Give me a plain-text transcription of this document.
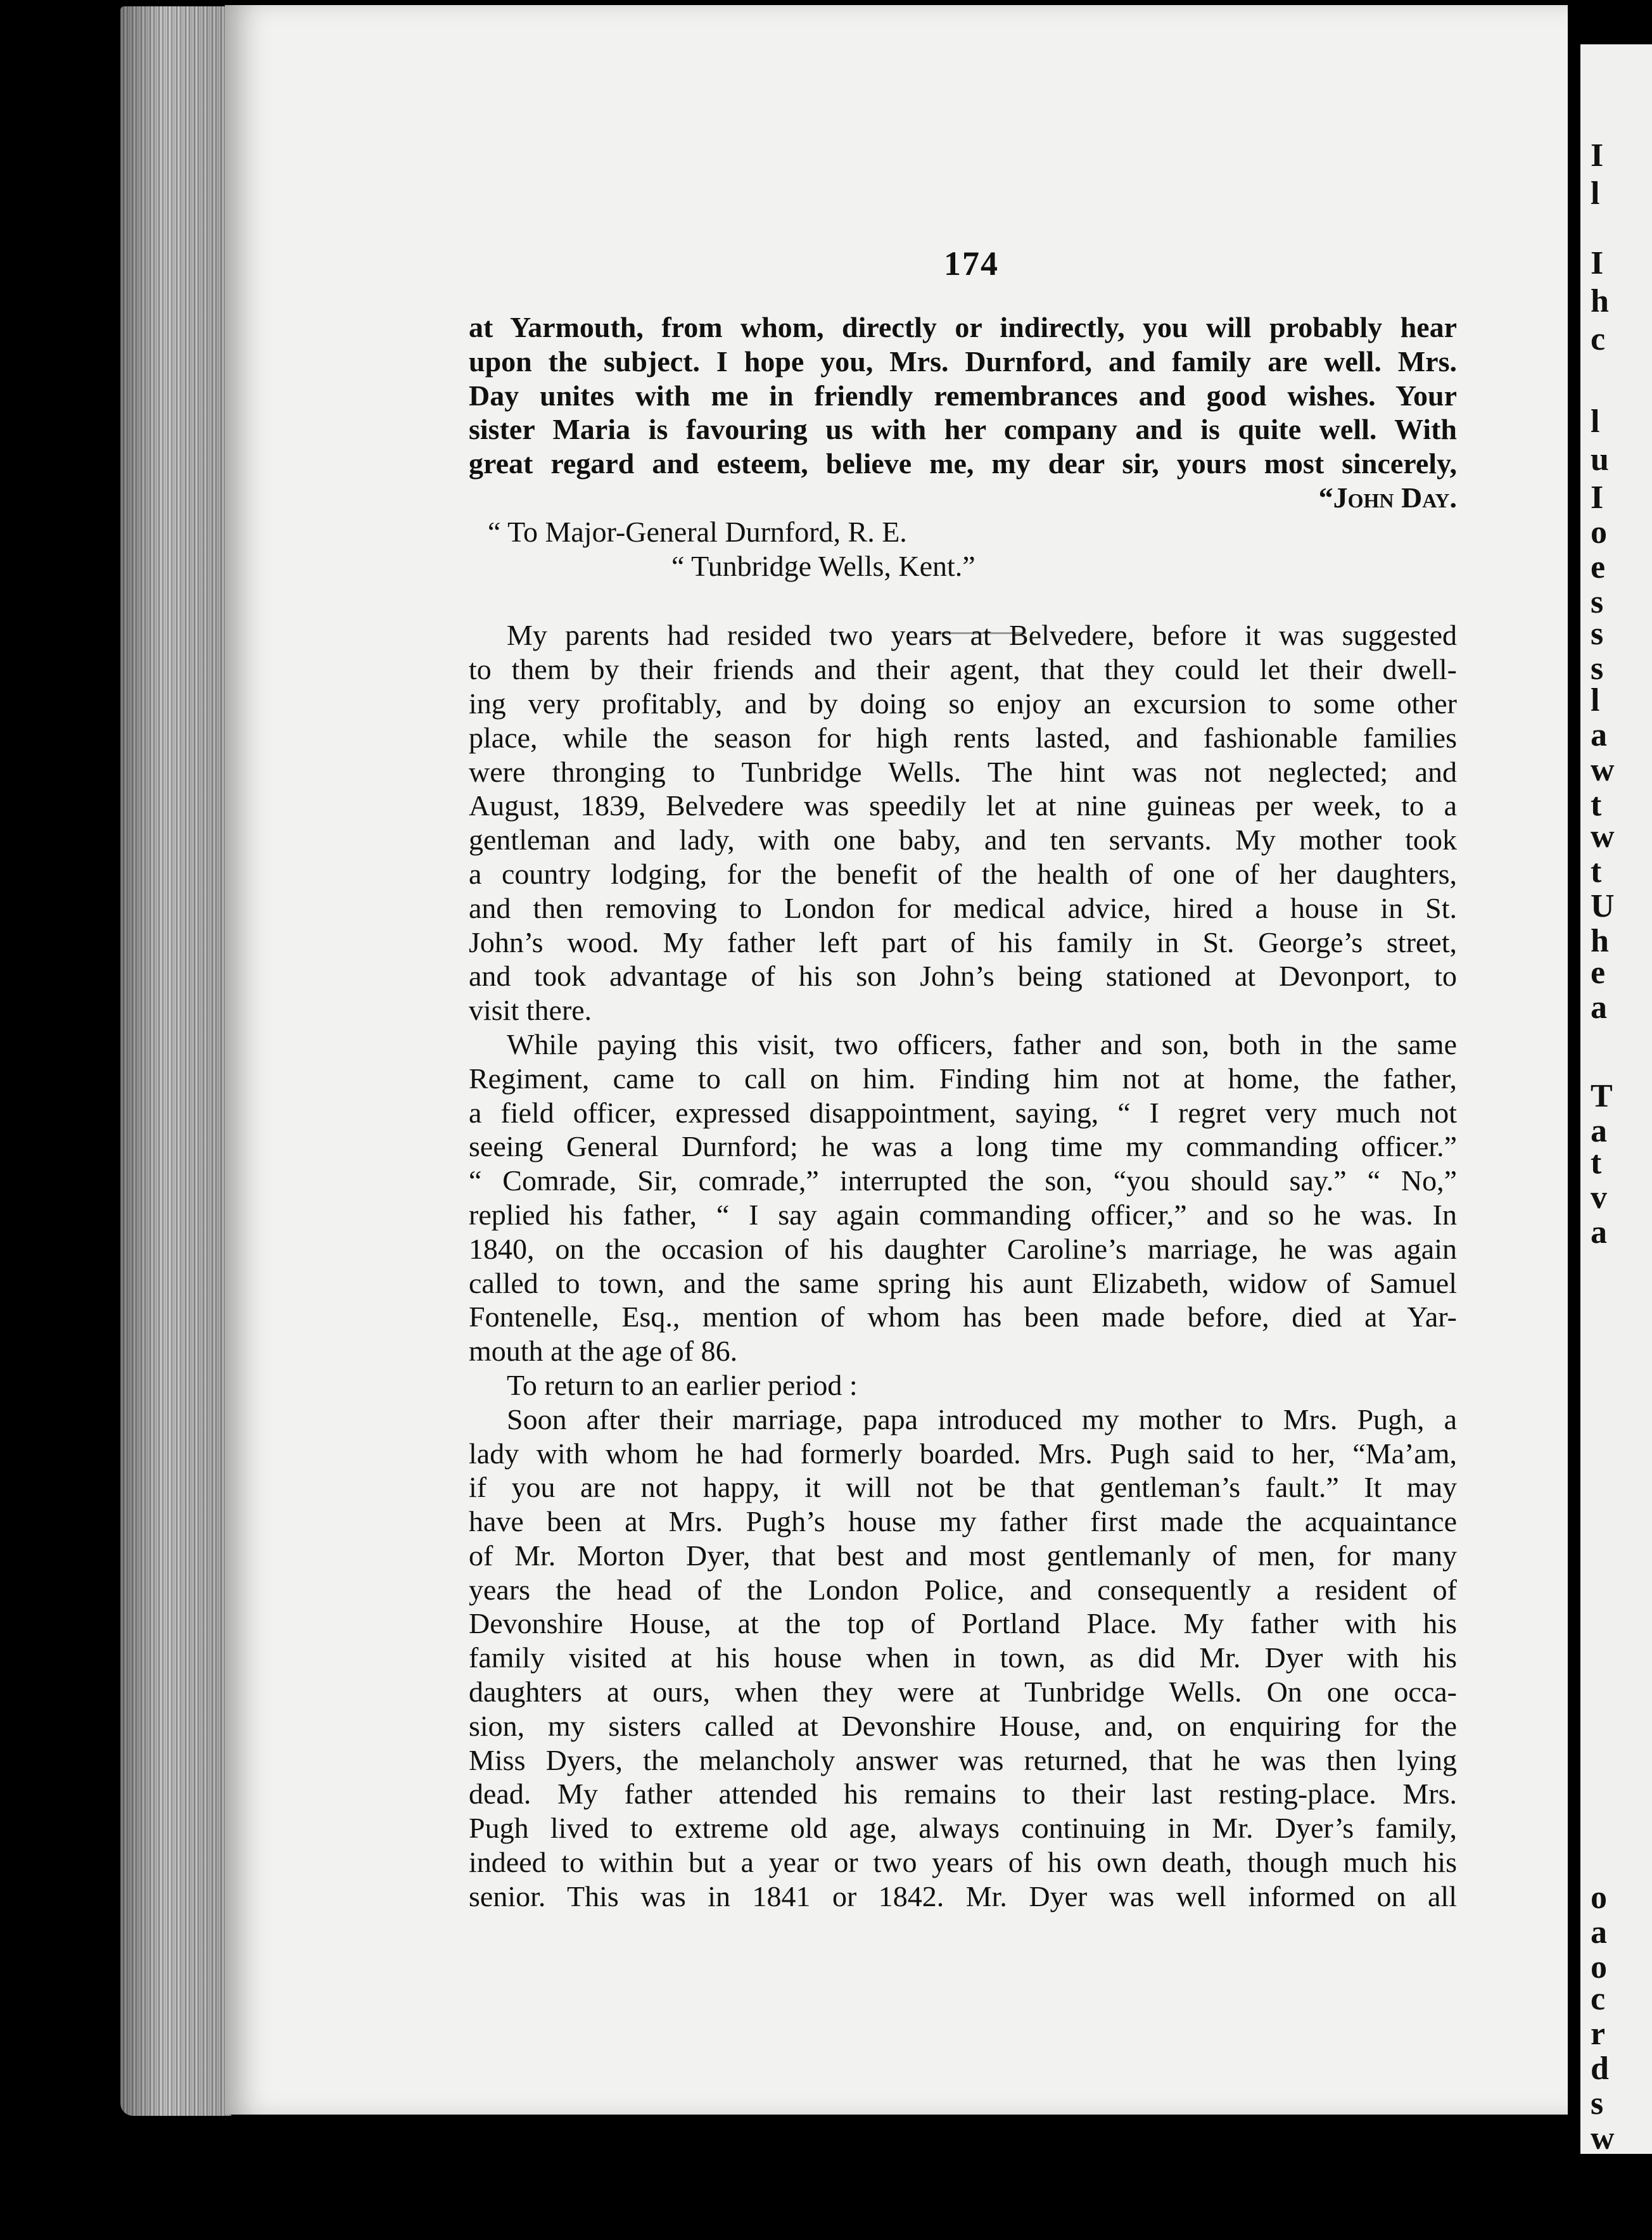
I
l
I
h
c
l
u
I
o
e
s
s
s
l
a
w
t
w
t
U
h
e
a
T
a
t
v
a
o
a
o
c
r
d
s
w
174
at Yarmouth, from whom, directly or indirectly, you will probably hear
upon the subject. I hope you, Mrs. Durnford, and family are well. Mrs.
Day unites with me in friendly remembrances and good wishes. Your
sister Maria is favouring us with her company and is quite well. With
great regard and esteem, believe me, my dear sir, yours most sincerely,
“John Day.
“ To Major-General Durnford, R. E.
“ Tunbridge Wells, Kent.”
My parents had resided two years at Belvedere, before it was suggested
to them by their friends and their agent, that they could let their dwell-
ing very profitably, and by doing so enjoy an excursion to some other
place, while the season for high rents lasted, and fashionable families
were thronging to Tunbridge Wells. The hint was not neglected; and
August, 1839, Belvedere was speedily let at nine guineas per week, to a
gentleman and lady, with one baby, and ten servants. My mother took
a country lodging, for the benefit of the health of one of her daughters,
and then removing to London for medical advice, hired a house in St.
John’s wood. My father left part of his family in St. George’s street,
and took advantage of his son John’s being stationed at Devonport, to
visit there.
While paying this visit, two officers, father and son, both in the same
Regiment, came to call on him. Finding him not at home, the father,
a field officer, expressed disappointment, saying, “ I regret very much not
seeing General Durnford; he was a long time my commanding officer.”
“ Comrade, Sir, comrade,” interrupted the son, “you should say.” “ No,”
replied his father, “ I say again commanding officer,” and so he was. In
1840, on the occasion of his daughter Caroline’s marriage, he was again
called to town, and the same spring his aunt Elizabeth, widow of Samuel
Fontenelle, Esq., mention of whom has been made before, died at Yar-
mouth at the age of 86.
To return to an earlier period :
Soon after their marriage, papa introduced my mother to Mrs. Pugh, a
lady with whom he had formerly boarded. Mrs. Pugh said to her, “Ma’am,
if you are not happy, it will not be that gentleman’s fault.” It may
have been at Mrs. Pugh’s house my father first made the acquaintance
of Mr. Morton Dyer, that best and most gentlemanly of men, for many
years the head of the London Police, and consequently a resident of
Devonshire House, at the top of Portland Place. My father with his
family visited at his house when in town, as did Mr. Dyer with his
daughters at ours, when they were at Tunbridge Wells. On one occa-
sion, my sisters called at Devonshire House, and, on enquiring for the
Miss Dyers, the melancholy answer was returned, that he was then lying
dead. My father attended his remains to their last resting-place. Mrs.
Pugh lived to extreme old age, always continuing in Mr. Dyer’s family,
indeed to within but a year or two years of his own death, though much his
senior. This was in 1841 or 1842. Mr. Dyer was well informed on all
